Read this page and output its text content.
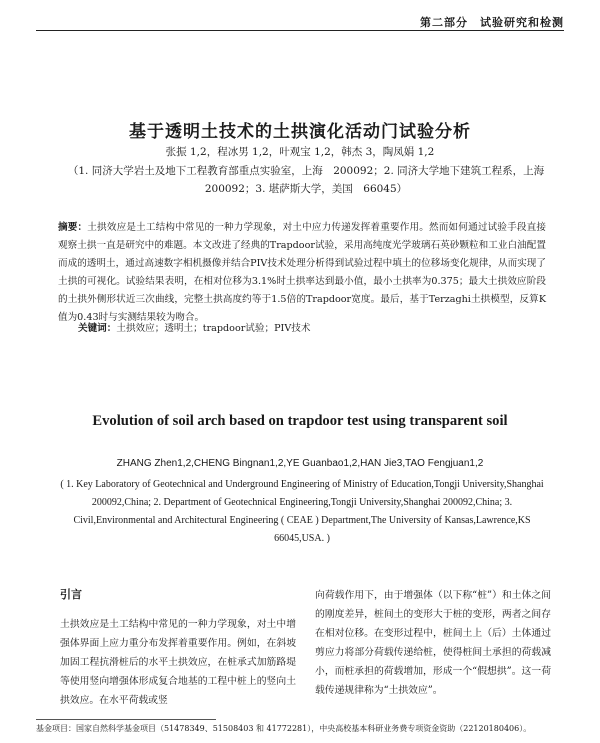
第二部分　试验研究和检测
基于透明土技术的土拱演化活动门试验分析
张振 1,2，程冰男 1,2，叶观宝 1,2，韩杰 3，陶凤娟 1,2
（1. 同济大学岩土及地下工程教育部重点实验室，上海　200092；2. 同济大学地下建筑工程系，上海　200092；3. 堪萨斯大学，美国　66045）
摘要：土拱效应是土工结构中常见的一种力学现象，对土中应力传递发挥着重要作用。然而如何通过试验手段直接观察土拱一直是研究中的难题。本文改进了经典的Trapdoor试验，采用高纯度光学玻璃石英砂颗粒和工业白油配置而成的透明土，通过高速数字相机摄像并结合PIV技术处理分析得到试验过程中填土的位移场变化规律，从而实现了土拱的可视化。试验结果表明，在相对位移为3.1%时土拱率达到最小值，最小土拱率为0.375；最大土拱效应阶段的土拱外侧形状近三次曲线，完整土拱高度约等于1.5倍的Trapdoor宽度。最后，基于Terzaghi土拱模型，反算K值为0.43时与实测结果较为吻合。
关键词：土拱效应；透明土；trapdoor试验；PIV技术
Evolution of soil arch based on trapdoor test using transparent soil
ZHANG Zhen1,2,CHENG Bingnan1,2,YE Guanbao1,2,HAN Jie3,TAO Fengjuan1,2
( 1. Key Laboratory of Geotechnical and Underground Engineering of Ministry of Education,Tongji University,Shanghai 200092,China; 2. Department of Geotechnical Engineering,Tongji University,Shanghai 200092,China; 3. Civil,Environmental and Architectural Engineering ( CEAE ) Department,The University of Kansas,Lawrence,KS 66045,USA. )
引言
土拱效应是土工结构中常见的一种力学现象，对土中增强体界面上应力重分布发挥着重要作用。例如，在斜坡加固工程抗滑桩后的水平土拱效应，在桩承式加筋路堤等使用竖向增强体形成复合地基的工程中桩上的竖向土拱效应。在水平荷载或竖
向荷载作用下，由于增强体（以下称“桩”）和土体之间的刚度差异，桩间土的变形大于桩的变形，两者之间存在相对位移。在变形过程中，桩间土上（后）土体通过剪应力将部分荷载传递给桩，使得桩间土承担的荷载减小，而桩承担的荷载增加，形成一个“假想拱”。这一荷载传递规律称为“土拱效应”。
基金项目：国家自然科学基金项目（51478349、51508403 和 41772281），中央高校基本科研业务费专项资金资助（22120180406）。
